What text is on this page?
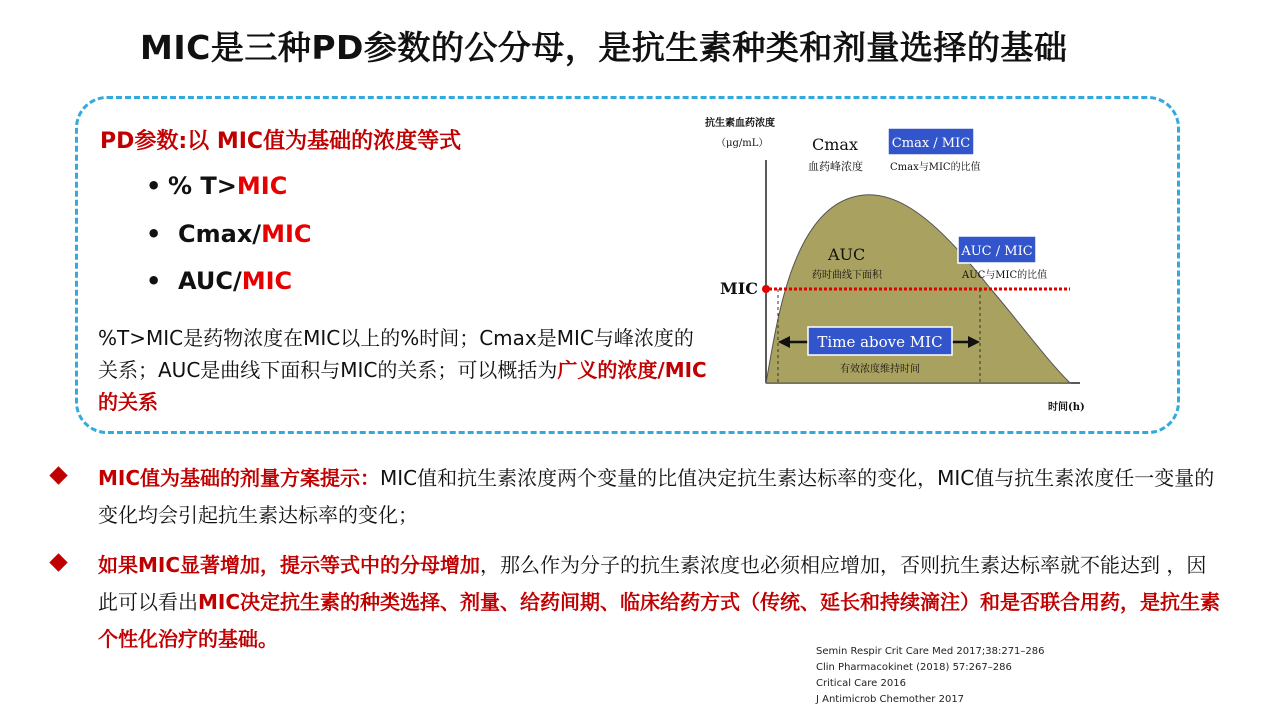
MIC是三种PD参数的公分母，是抗生素种类和剂量选择的基础
PD参数:以 MIC值为基础的浓度等式
• % T>MIC
• Cmax/MIC
• AUC/MIC
%T>MIC是药物浓度在MIC以上的%时间；Cmax是MIC与峰浓度的关系；AUC是曲线下面积与MIC的关系；可以概括为广义的浓度/MIC的关系
Time above MIC
有效浓度维持时间
抗生素血药浓度
（μg/mL）
时间(h)
MIC
Cmax
血药峰浓度
Cmax / MIC
Cmax与MIC的比值
AUC
药时曲线下面积
AUC / MIC
AUC与MIC的比值
MIC值为基础的剂量方案提示：MIC值和抗生素浓度两个变量的比值决定抗生素达标率的变化，MIC值与抗生素浓度任一变量的变化均会引起抗生素达标率的变化；
如果MIC显著增加，提示等式中的分母增加，那么作为分子的抗生素浓度也必须相应增加，否则抗生素达标率就不能达到 ，因此可以看出MIC决定抗生素的种类选择、剂量、给药间期、临床给药方式（传统、延长和持续滴注）和是否联合用药，是抗生素个性化治疗的基础。
Semin Respir Crit Care Med 2017;38:271–286
Clin Pharmacokinet (2018) 57:267–286
Critical Care 2016
J Antimicrob Chemother 2017
